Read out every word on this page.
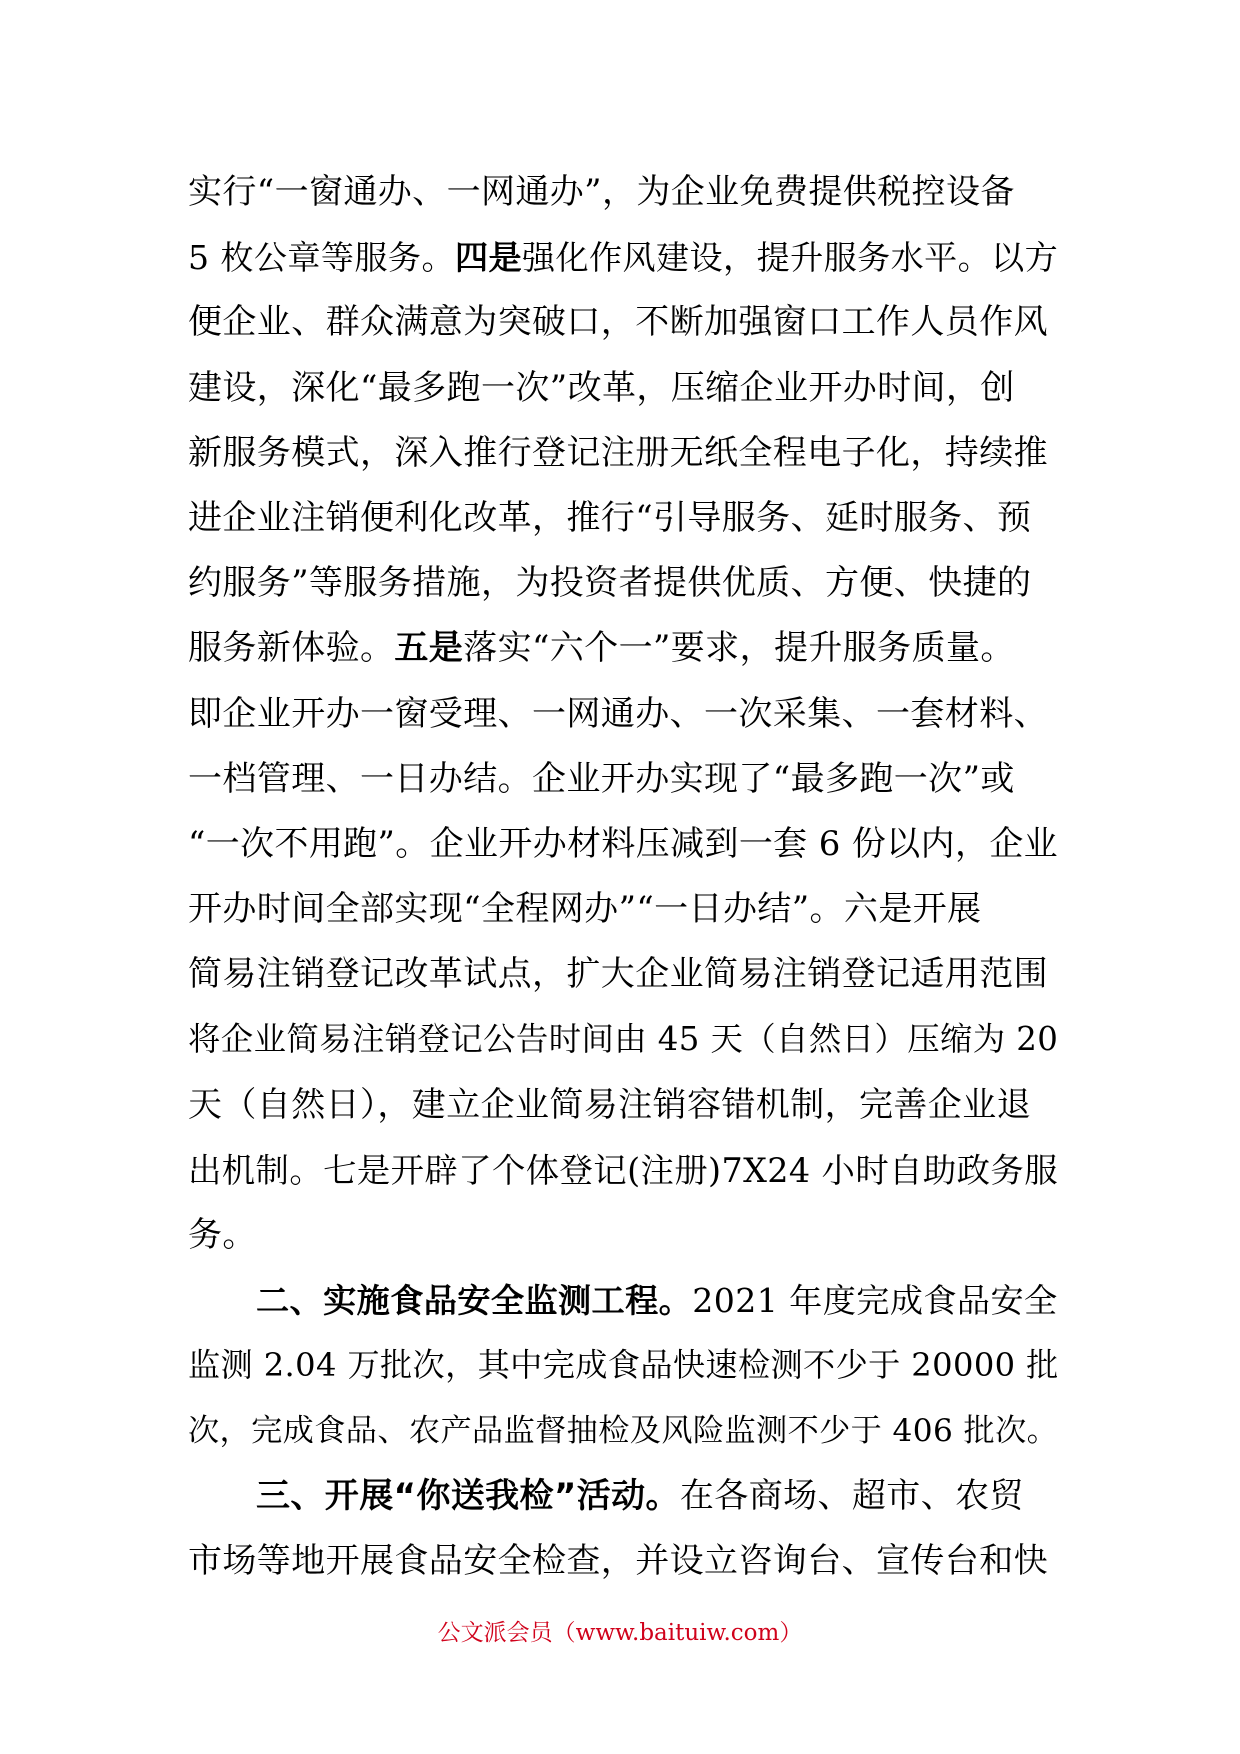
实行“一窗通办、一网通办”，为企业免费提供税控设备
5 枚公章等服务。四是强化作风建设，提升服务水平。以方
便企业、群众满意为突破口，不断加强窗口工作人员作风
建设，深化“最多跑一次”改革，压缩企业开办时间，创
新服务模式，深入推行登记注册无纸全程电子化，持续推
进企业注销便利化改革，推行“引导服务、延时服务、预
约服务”等服务措施，为投资者提供优质、方便、快捷的
服务新体验。五是落实“六个一”要求，提升服务质量。
即企业开办一窗受理、一网通办、一次采集、一套材料、
一档管理、一日办结。企业开办实现了“最多跑一次”或
“一次不用跑”。企业开办材料压减到一套 6 份以内，企业
开办时间全部实现“全程网办”“一日办结”。六是开展
简易注销登记改革试点，扩大企业简易注销登记适用范围
将企业简易注销登记公告时间由 45 天（自然日）压缩为 20
天（自然日），建立企业简易注销容错机制，完善企业退
出机制。七是开辟了个体登记(注册)7X24 小时自助政务服
务。
二、实施食品安全监测工程。2021 年度完成食品安全
监测 2.04 万批次，其中完成食品快速检测不少于 20000 批
次，完成食品、农产品监督抽检及风险监测不少于 406 批次。
三、开展“你送我检”活动。在各商场、超市、农贸
市场等地开展食品安全检查，并设立咨询台、宣传台和快
公文派会员（www.baituiw.com）
